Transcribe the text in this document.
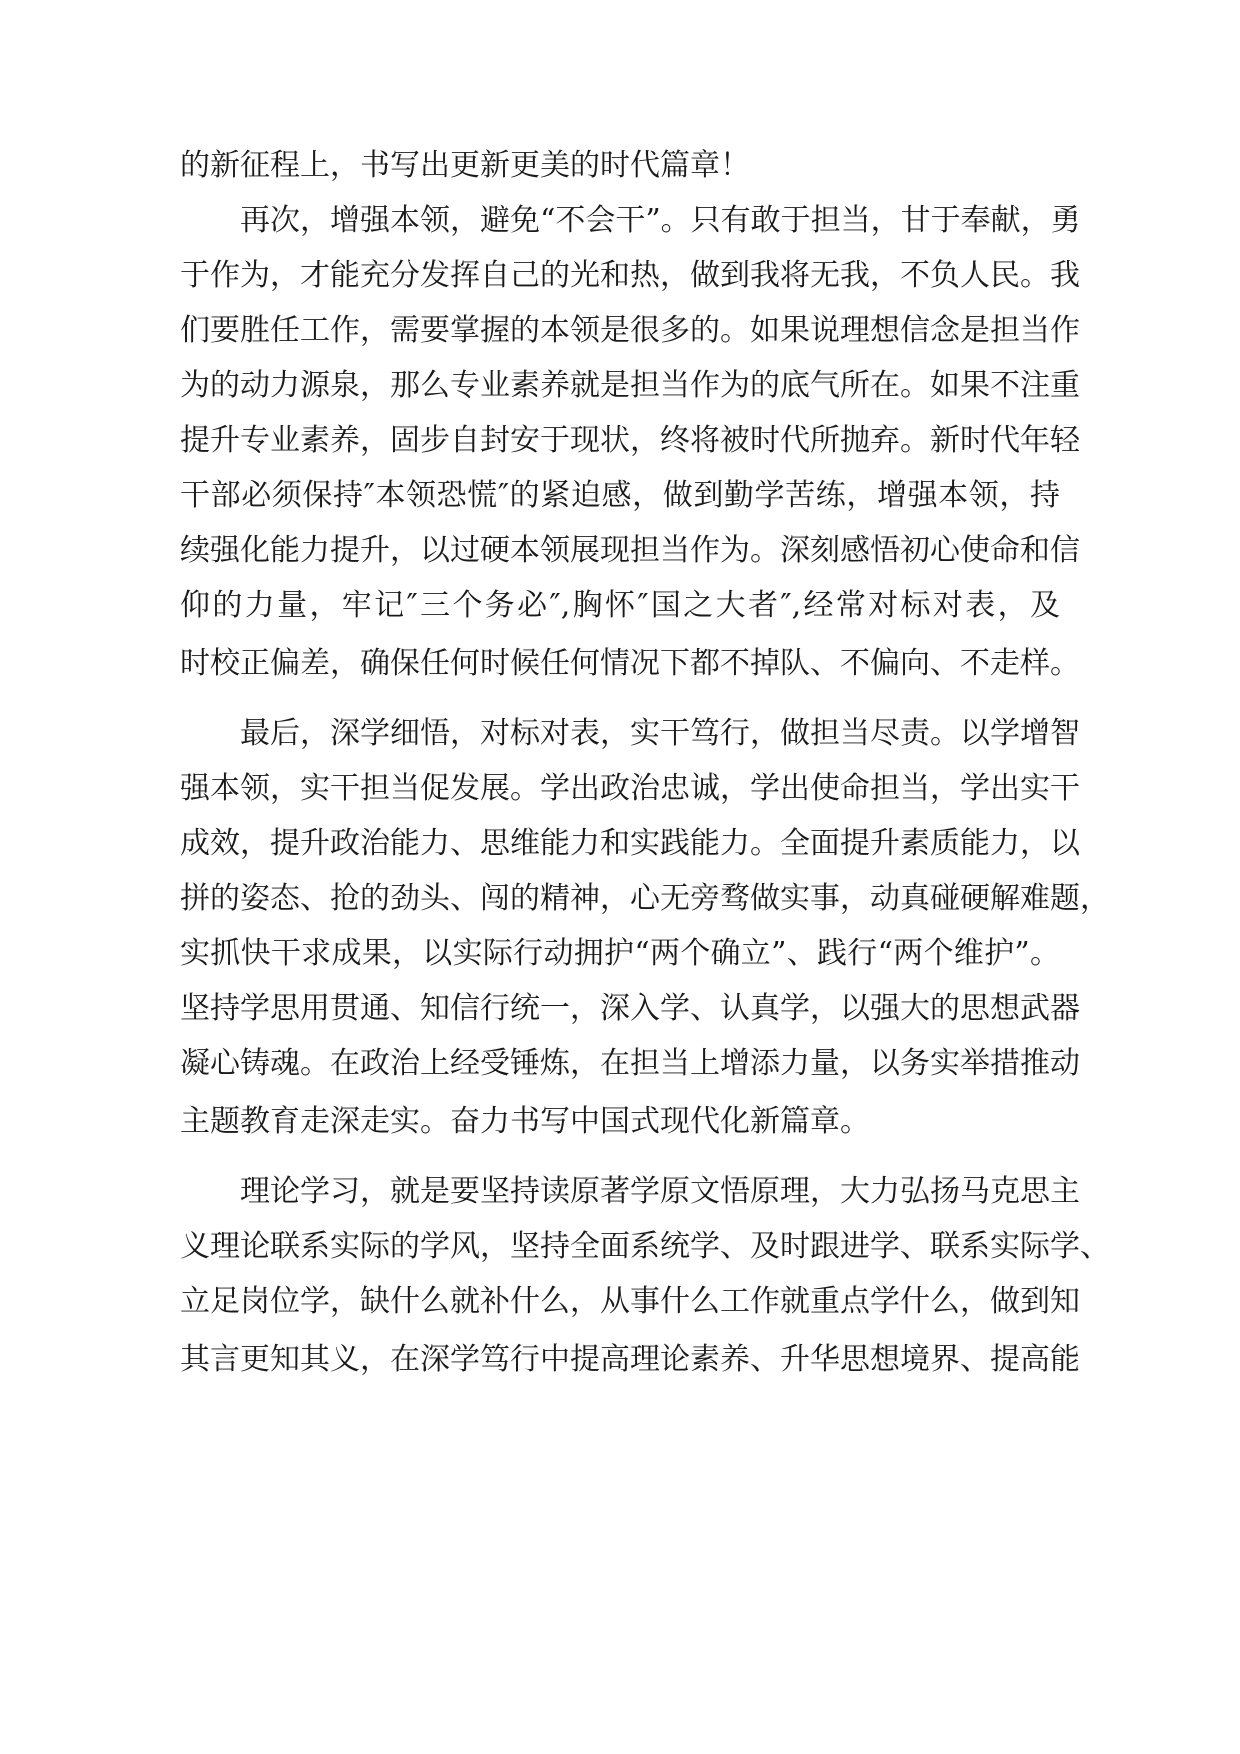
的新征程上，书写出更新更美的时代篇章！
再次，增强本领，避免“不会干”。只有敢于担当，甘于奉献，勇
于作为，才能充分发挥自己的光和热，做到我将无我，不负人民。我
们要胜任工作，需要掌握的本领是很多的。如果说理想信念是担当作
为的动力源泉，那么专业素养就是担当作为的底气所在。如果不注重
提升专业素养，固步自封安于现状，终将被时代所抛弃。新时代年轻
干部必须保持″本领恐慌″的紧迫感，做到勤学苦练，增强本领，持
续强化能力提升，以过硬本领展现担当作为。深刻感悟初心使命和信
仰的力量，牢记″三个务必″,胸怀″国之大者″,经常对标对表，及
时校正偏差，确保任何时候任何情况下都不掉队、不偏向、不走样。
最后，深学细悟，对标对表，实干笃行，做担当尽责。以学增智
强本领，实干担当促发展。学出政治忠诚，学出使命担当，学出实干
成效，提升政治能力、思维能力和实践能力。全面提升素质能力，以
拼的姿态、抢的劲头、闯的精神，心无旁骛做实事，动真碰硬解难题，
实抓快干求成果，以实际行动拥护“两个确立”、践行“两个维护”。
坚持学思用贯通、知信行统一，深入学、认真学，以强大的思想武器
凝心铸魂。在政治上经受锤炼，在担当上增添力量，以务实举措推动
主题教育走深走实。奋力书写中国式现代化新篇章。
理论学习，就是要坚持读原著学原文悟原理，大力弘扬马克思主
义理论联系实际的学风，坚持全面系统学、及时跟进学、联系实际学、
立足岗位学，缺什么就补什么，从事什么工作就重点学什么，做到知
其言更知其义，在深学笃行中提高理论素养、升华思想境界、提高能
